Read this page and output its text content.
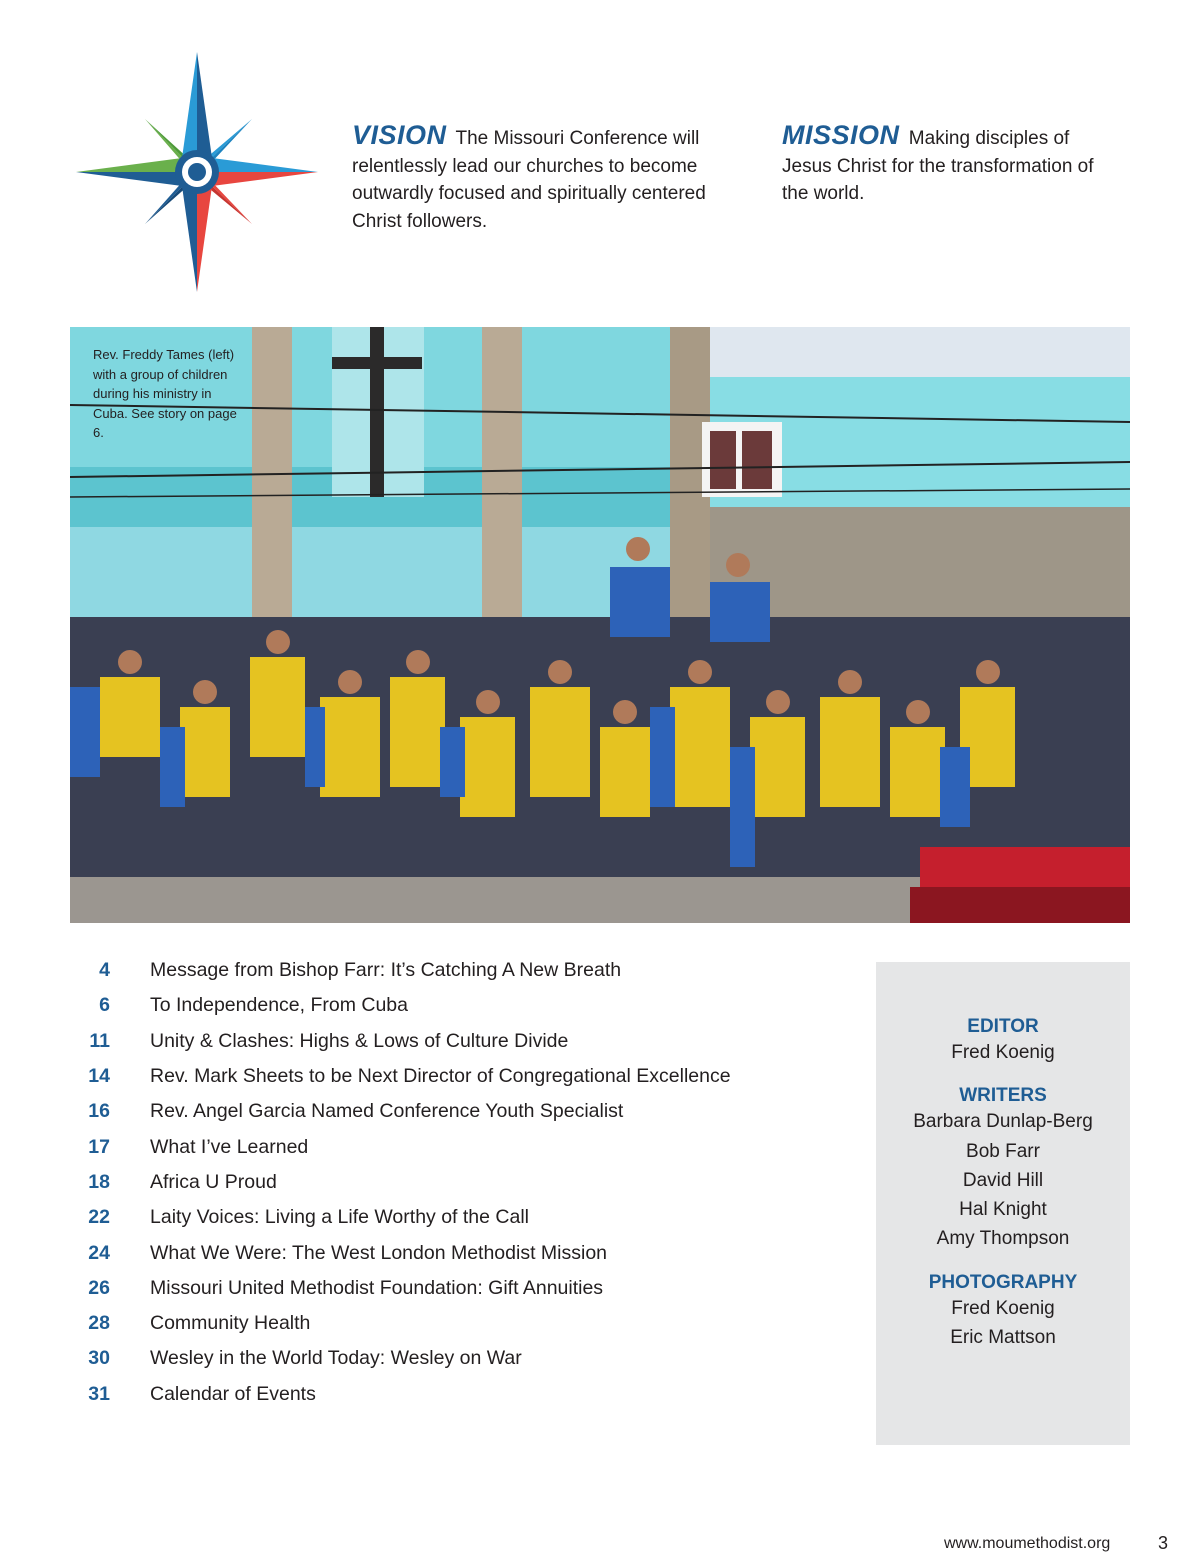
VISION The Missouri Conference will relentlessly lead our churches to become outwardly focused and spiritually centered Christ followers.
MISSION Making disciples of Jesus Christ for the transformation of the world.
Rev. Freddy Tames (left) with a group of children during his ministry in Cuba. See story on page 6.
4	Message from Bishop Farr: It’s Catching A New Breath
6	To Independence, From Cuba
11	Unity & Clashes: Highs & Lows of Culture Divide
14	Rev. Mark Sheets to be Next Director of Congregational Excellence
16	Rev. Angel Garcia Named Conference Youth Specialist
17	What I’ve Learned
18	Africa U Proud
22	Laity Voices: Living a Life Worthy of the Call
24	What We Were: The West London Methodist Mission
26	Missouri United Methodist Foundation: Gift Annuities
28	Community Health
30	Wesley in the World Today: Wesley on War
31	Calendar of Events
EDITOR
Fred Koenig
WRITERS
Barbara Dunlap-Berg
Bob Farr
David Hill
Hal Knight
Amy Thompson
PHOTOGRAPHY
Fred Koenig
Eric Mattson
www.moumethodist.org	3
